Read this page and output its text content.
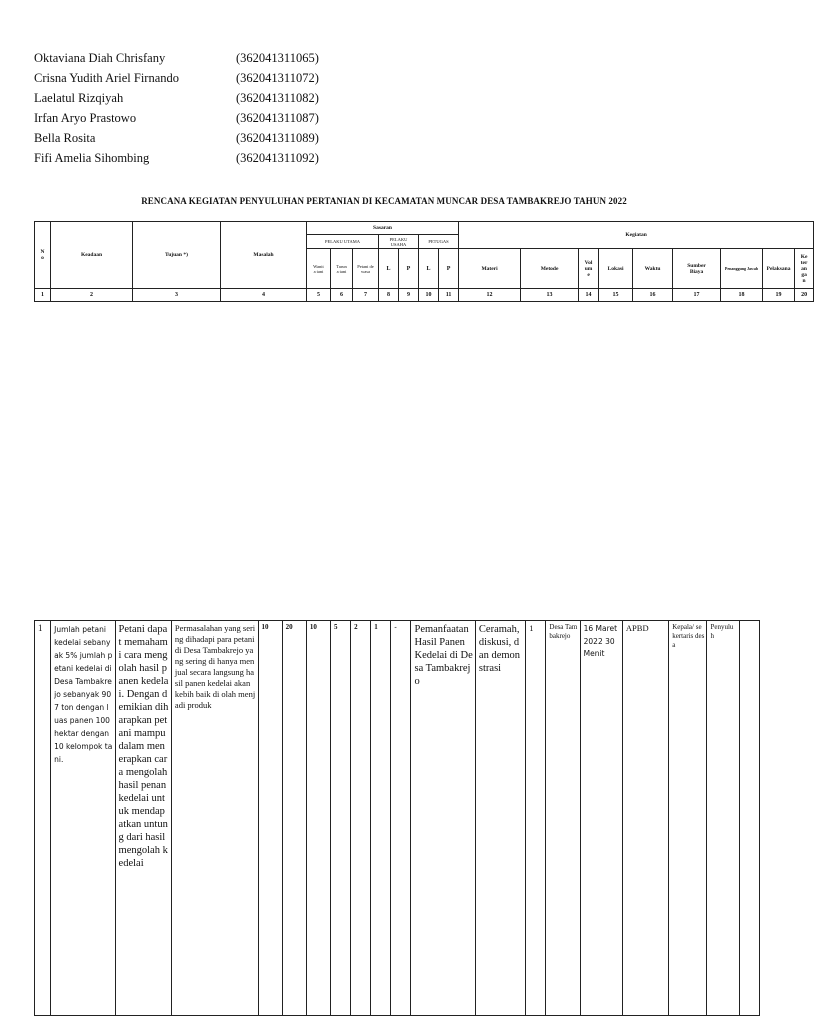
Oktaviana Diah Chrisfany	(362041311065)
Crisna Yudith Ariel Firnando	(362041311072)
Laelatul Rizqiyah	(362041311082)
Irfan Aryo Prastowo	(362041311087)
Bella Rosita	(362041311089)
Fifi Amelia Sihombing	(362041311092)
RENCANA KEGIATAN PENYULUHAN PERTANIAN DI KECAMATAN MUNCAR DESA TAMBAKREJO TAHUN 2022
No	Keadaan	Tujuan *)	Masalah	Sasaran							Kegiatan								
				PELAKU UTAMA			PELAKU USAHA		PETUGAS										

				Wanita tani	Taruna tani	Petani dewasa	L	P	L	P	Materi	Metode	Volume	Lokasi	Waktu	Sumber Biaya	Penanggung Jawab	Pelaksana	Keterangan

1	2	3	4	5	6	7	8	9	10	11	12	13	14	15	16	17	18	19	20
1	Jumlah petani kedelai sebanyak 5% jumlah petani kedelai di Desa Tambakrejo sebanyak 907 ton dengan luas panen 100 hektar dengan 10 kelompok tani.	Petani dapat memahami cara mengolah hasil panen kedelai. Dengan demikian diharapkan petani mampu dalam menerapkan cara mengolah hasil penan kedelai untuk mendapatkan untung dari hasil mengolah kedelai	Permasalahan yang sering dihadapi para petani di Desa Tambakrejo yang sering di hanya menjual secara langsung hasil panen kedelai akan kebih baik di olah menjadi produk	10	20	10	5	2	1	-	Pemanfaatan Hasil Panen Kedelai di Desa Tambakrejo	Ceramah, diskusi, dan demonstrasi	1	Desa Tambakrejo	16 Maret 2022 30 Menit	APBD	Kepala/ sekertaris desa	Penyuluh	
